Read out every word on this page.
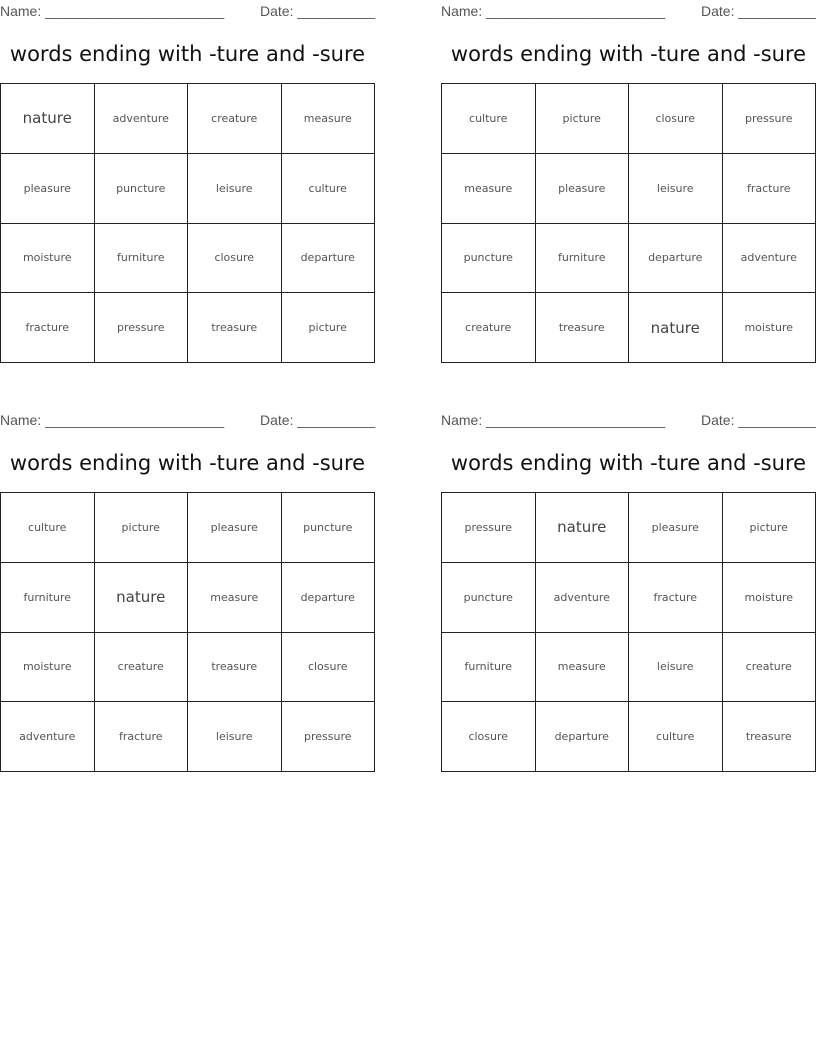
Name: _______________________	Date: __________
words ending with -ture and -sure
nature	adventure	creature	measure
pleasure	puncture	leisure	culture
moisture	furniture	closure	departure
fracture	pressure	treasure	picture
Name: _______________________	Date: __________
words ending with -ture and -sure
culture	picture	closure	pressure
measure	pleasure	leisure	fracture
puncture	furniture	departure	adventure
creature	treasure	nature	moisture
Name: _______________________	Date: __________
words ending with -ture and -sure
culture	picture	pleasure	puncture
furniture	nature	measure	departure
moisture	creature	treasure	closure
adventure	fracture	leisure	pressure
Name: _______________________	Date: __________
words ending with -ture and -sure
pressure	nature	pleasure	picture
puncture	adventure	fracture	moisture
furniture	measure	leisure	creature
closure	departure	culture	treasure
